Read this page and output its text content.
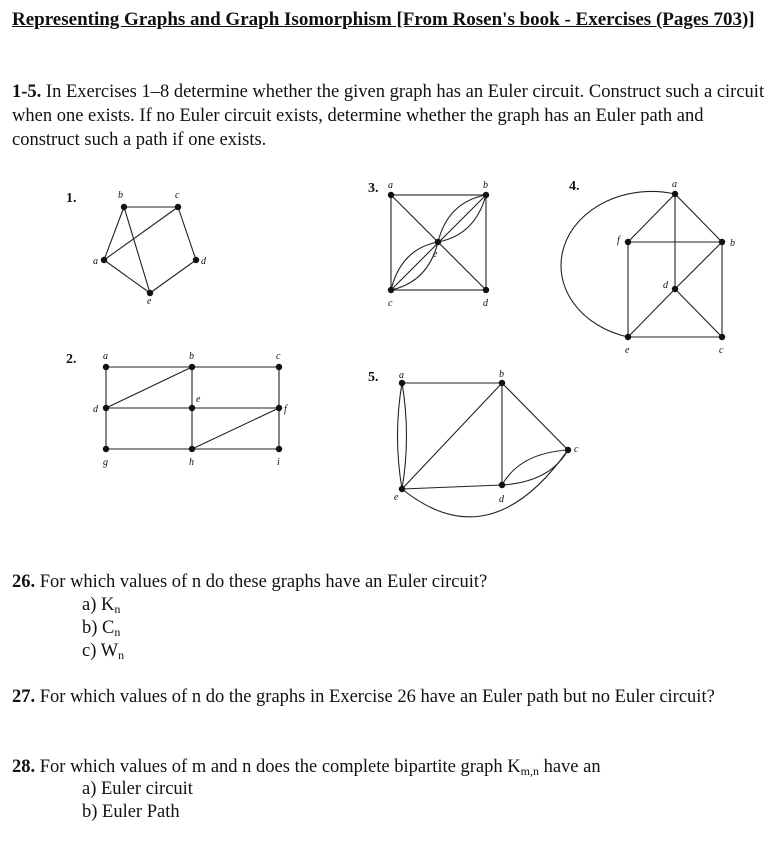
Representing Graphs and Graph Isomorphism [From Rosen's book - Exercises (Pages 703)]
1-5. In Exercises 1–8 determine whether the given graph has an Euler circuit. Construct such a circuit when one exists. If no Euler circuit exists, determine whether the graph has an Euler path and construct such a path if one exists.
1.
2.
3.	4.
5.
b	c
a	d
e
a	b	c
d
e
f
g	h	i
a	b
e
c	d
a
f	b
d
e	c
a	b
c
e	d
26. For which values of n do these graphs have an Euler circuit?
a) $K_n$
b) $C_n$
c) $W_n$
27. For which values of n do the graphs in Exercise 26 have an Euler path but no Euler circuit?
28. For which values of m and n does the complete bipartite graph $K_{m,n}$ have an
a) Euler circuit
b) Euler Path
